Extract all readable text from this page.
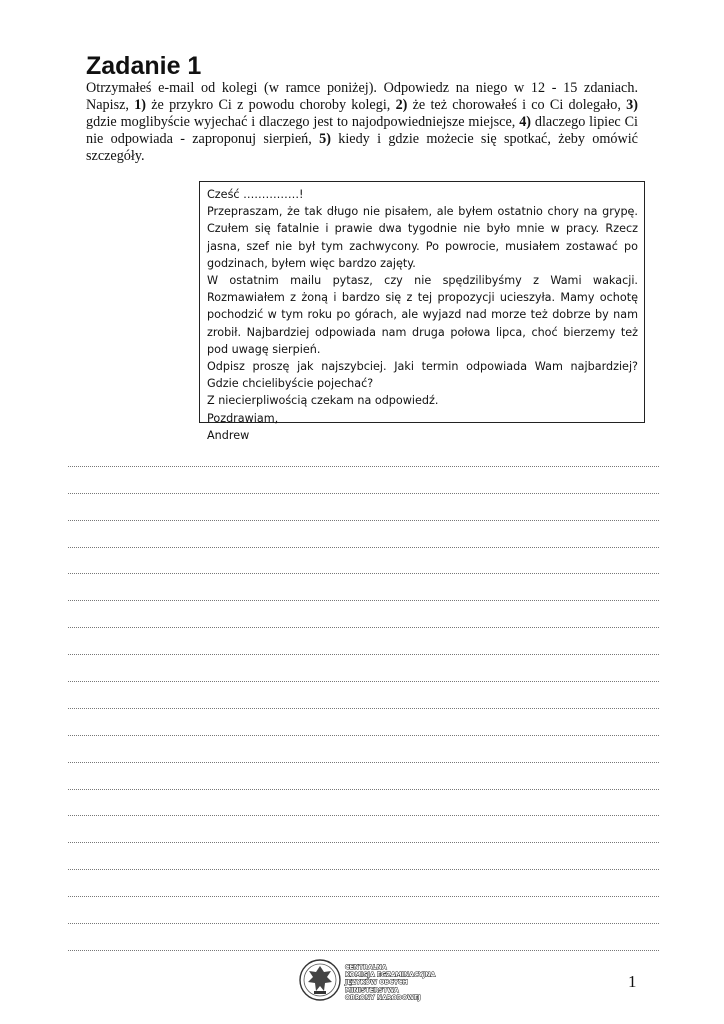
Zadanie 1

Otrzymałeś e-mail od kolegi (w ramce poniżej). Odpowiedz na niego w 12 - 15 zdaniach. Napisz, 1) że przykro Ci z powodu choroby kolegi, 2) że też chorowałeś i co Ci dolegało, 3) gdzie moglibyście wyjechać i dlaczego jest to najodpowiedniejsze miejsce, 4) dlaczego lipiec Ci nie odpowiada - zaproponuj sierpień, 5) kiedy i gdzie możecie się spotkać, żeby omówić szczegóły.

Cześć ……………!

Przepraszam, że tak długo nie pisałem, ale byłem ostatnio chory na grypę. Czułem się fatalnie i prawie dwa tygodnie nie było mnie w pracy. Rzecz jasna, szef nie był tym zachwycony. Po powrocie, musiałem zostawać po godzinach, byłem więc bardzo zajęty.

W ostatnim mailu pytasz, czy nie spędzilibyśmy z Wami wakacji. Rozmawiałem z żoną i bardzo się z tej propozycji ucieszyła. Mamy ochotę pochodzić w tym roku po górach, ale wyjazd nad morze też dobrze by nam zrobił. Najbardziej odpowiada nam druga połowa lipca, choć bierzemy też pod uwagę sierpień.

Odpisz proszę jak najszybciej. Jaki termin odpowiada Wam najbardziej? Gdzie chcielibyście pojechać?

Z niecierpliwością czekam na odpowiedź.

Pozdrawiam,

Andrew

CENTRALNA
KOMISJA EGZAMINACYJNA
JĘZYKÓW OBCYCH
MINISTERSTWA
OBRONY NARODOWEJ
1
